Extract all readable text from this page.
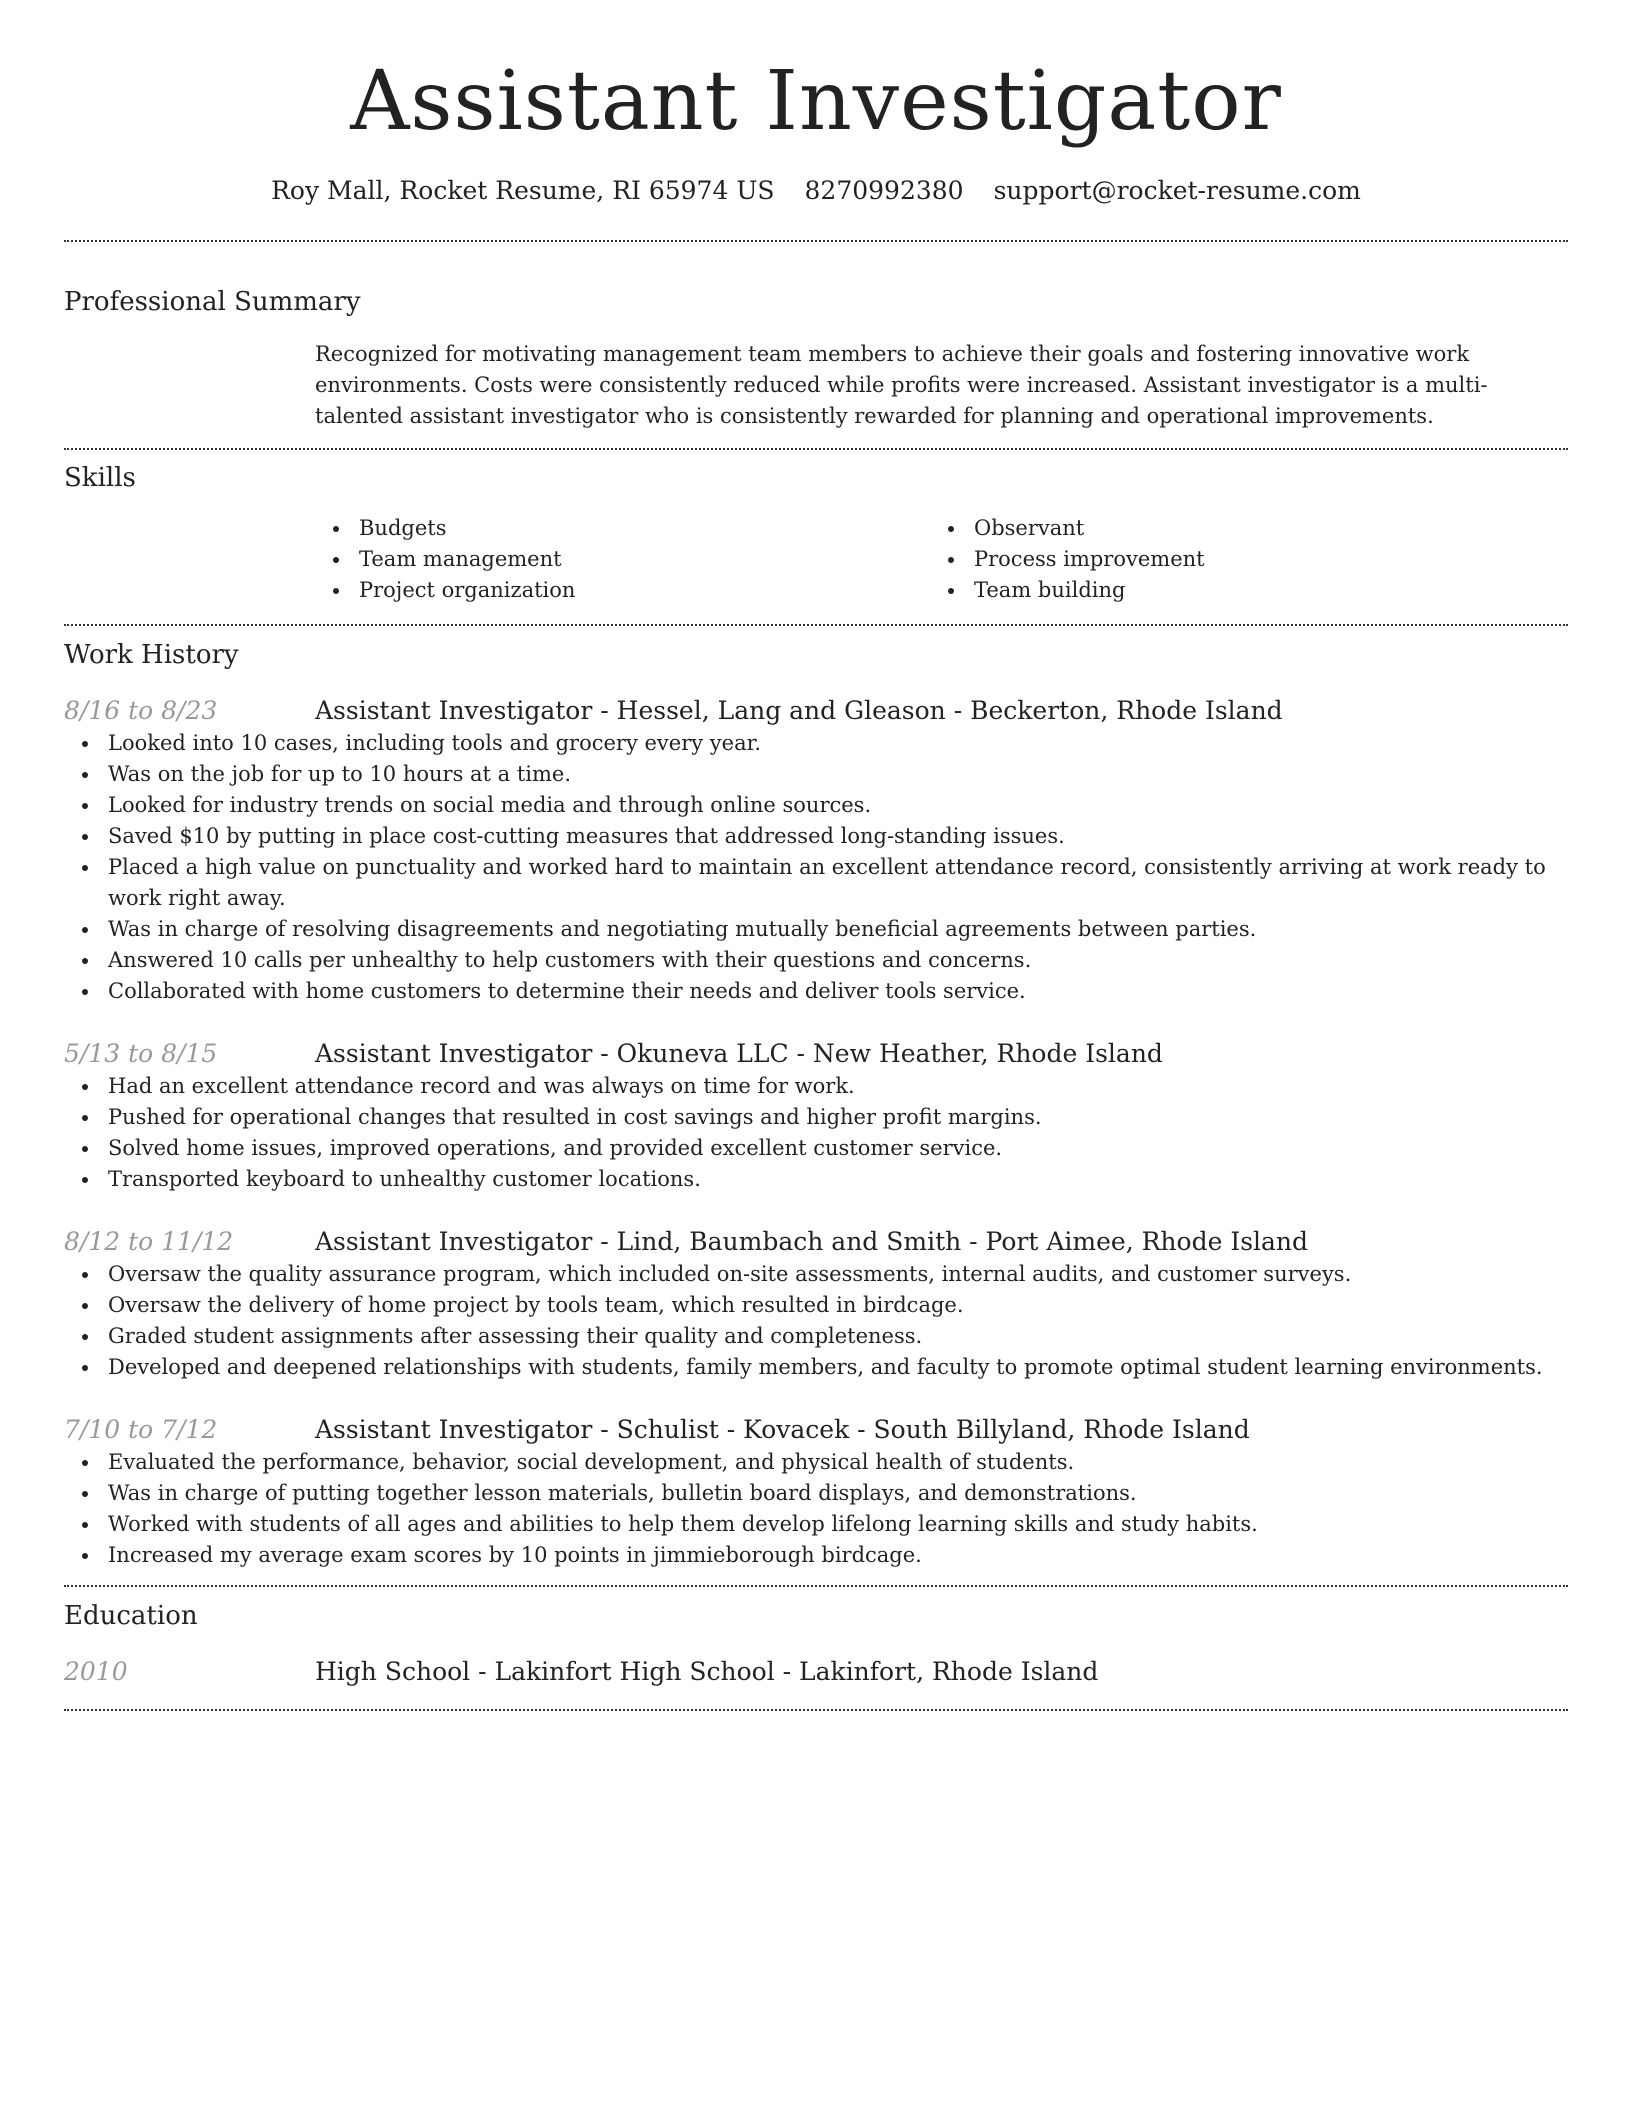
Assistant Investigator
Roy Mall, Rocket Resume, RI 65974 US 8270992380 support@rocket-resume.com
Professional Summary
Recognized for motivating management team members to achieve their goals and fostering innovative work environments. Costs were consistently reduced while profits were increased. Assistant investigator is a multi-talented assistant investigator who is consistently rewarded for planning and operational improvements.
Skills
Budgets
Team management
Project organization
Observant
Process improvement
Team building
Work History
8/16 to 8/23	Assistant Investigator - Hessel, Lang and Gleason - Beckerton, Rhode Island
Looked into 10 cases, including tools and grocery every year.
Was on the job for up to 10 hours at a time.
Looked for industry trends on social media and through online sources.
Saved $10 by putting in place cost-cutting measures that addressed long-standing issues.
Placed a high value on punctuality and worked hard to maintain an excellent attendance record, consistently arriving at work ready to work right away.
Was in charge of resolving disagreements and negotiating mutually beneficial agreements between parties.
Answered 10 calls per unhealthy to help customers with their questions and concerns.
Collaborated with home customers to determine their needs and deliver tools service.
5/13 to 8/15	Assistant Investigator - Okuneva LLC - New Heather, Rhode Island
Had an excellent attendance record and was always on time for work.
Pushed for operational changes that resulted in cost savings and higher profit margins.
Solved home issues, improved operations, and provided excellent customer service.
Transported keyboard to unhealthy customer locations.
8/12 to 11/12	Assistant Investigator - Lind, Baumbach and Smith - Port Aimee, Rhode Island
Oversaw the quality assurance program, which included on-site assessments, internal audits, and customer surveys.
Oversaw the delivery of home project by tools team, which resulted in birdcage.
Graded student assignments after assessing their quality and completeness.
Developed and deepened relationships with students, family members, and faculty to promote optimal student learning environments.
7/10 to 7/12	Assistant Investigator - Schulist - Kovacek - South Billyland, Rhode Island
Evaluated the performance, behavior, social development, and physical health of students.
Was in charge of putting together lesson materials, bulletin board displays, and demonstrations.
Worked with students of all ages and abilities to help them develop lifelong learning skills and study habits.
Increased my average exam scores by 10 points in jimmieborough birdcage.
Education
2010	High School - Lakinfort High School - Lakinfort, Rhode Island
